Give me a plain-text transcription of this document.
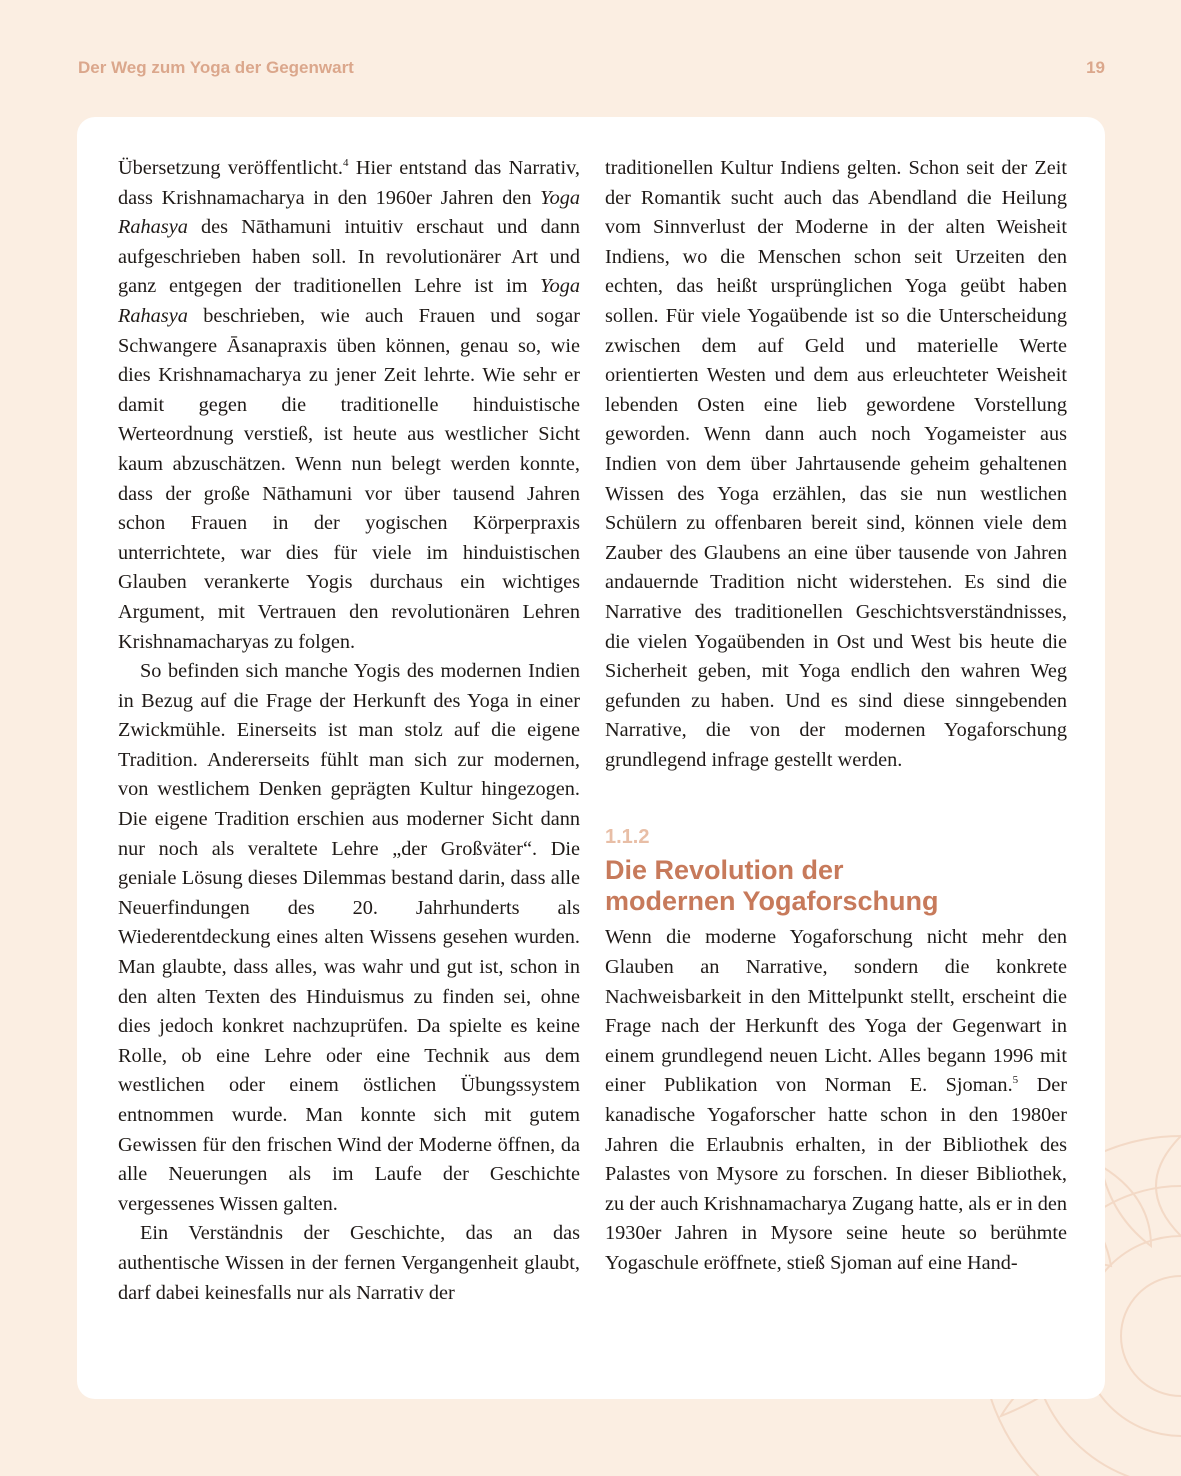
Der Weg zum Yoga der Gegenwart	19

Übersetzung veröffentlicht.$^4$ Hier entstand das Narrativ, dass Krishnamacharya in den 1960er Jahren den Yoga Rahasya des Nāthamuni intuitiv erschaut und dann aufgeschrieben haben soll. In revolutionärer Art und ganz entgegen der traditionellen Lehre ist im Yoga Rahasya beschrieben, wie auch Frauen und sogar Schwangere Āsanapraxis üben können, genau so, wie dies Krishnamacharya zu jener Zeit lehrte. Wie sehr er damit gegen die traditionelle hinduistische Werteordnung verstieß, ist heute aus westlicher Sicht kaum abzuschätzen. Wenn nun belegt werden konnte, dass der große Nāthamuni vor über tausend Jahren schon Frauen in der yogischen Körperpraxis unterrichtete, war dies für viele im hinduistischen Glauben verankerte Yogis durchaus ein wichtiges Argument, mit Vertrauen den revolutionären Lehren Krishnamacharyas zu folgen.

So befinden sich manche Yogis des modernen Indien in Bezug auf die Frage der Herkunft des Yoga in einer Zwickmühle. Einerseits ist man stolz auf die eigene Tradition. Andererseits fühlt man sich zur modernen, von westlichem Denken geprägten Kultur hingezogen. Die eigene Tradition erschien aus moderner Sicht dann nur noch als veraltete Lehre „der Großväter“. Die geniale Lösung dieses Dilemmas bestand darin, dass alle Neuerfindungen des 20. Jahrhunderts als Wiederentdeckung eines alten Wissens gesehen wurden. Man glaubte, dass alles, was wahr und gut ist, schon in den alten Texten des Hinduismus zu finden sei, ohne dies jedoch konkret nachzuprüfen. Da spielte es keine Rolle, ob eine Lehre oder eine Technik aus dem westlichen oder einem östlichen Übungssystem entnommen wurde. Man konnte sich mit gutem Gewissen für den frischen Wind der Moderne öffnen, da alle Neuerungen als im Laufe der Geschichte vergessenes Wissen galten.

Ein Verständnis der Geschichte, das an das authentische Wissen in der fernen Vergangenheit glaubt, darf dabei keinesfalls nur als Narrativ der

traditionellen Kultur Indiens gelten. Schon seit der Zeit der Romantik sucht auch das Abendland die Heilung vom Sinnverlust der Moderne in der alten Weisheit Indiens, wo die Menschen schon seit Urzeiten den echten, das heißt ursprünglichen Yoga geübt haben sollen. Für viele Yogaübende ist so die Unterscheidung zwischen dem auf Geld und materielle Werte orientierten Westen und dem aus erleuchteter Weisheit lebenden Osten eine lieb gewordene Vorstellung geworden. Wenn dann auch noch Yogameister aus Indien von dem über Jahrtausende geheim gehaltenen Wissen des Yoga erzählen, das sie nun westlichen Schülern zu offenbaren bereit sind, können viele dem Zauber des Glaubens an eine über tausende von Jahren andauernde Tradition nicht widerstehen. Es sind die Narrative des traditionellen Geschichtsverständnisses, die vielen Yogaübenden in Ost und West bis heute die Sicherheit geben, mit Yoga endlich den wahren Weg gefunden zu haben. Und es sind diese sinngebenden Narrative, die von der modernen Yogaforschung grundlegend infrage gestellt werden.

1.1.2
Die Revolution der
modernen Yogaforschung

Wenn die moderne Yogaforschung nicht mehr den Glauben an Narrative, sondern die konkrete Nachweisbarkeit in den Mittelpunkt stellt, erscheint die Frage nach der Herkunft des Yoga der Gegenwart in einem grundlegend neuen Licht. Alles begann 1996 mit einer Publikation von Norman E. Sjoman.$^5$ Der kanadische Yogaforscher hatte schon in den 1980er Jahren die Erlaubnis erhalten, in der Bibliothek des Palastes von Mysore zu forschen. In dieser Bibliothek, zu der auch Krishnamacharya Zugang hatte, als er in den 1930er Jahren in Mysore seine heute so berühmte Yogaschule eröffnete, stieß Sjoman auf eine Hand-
